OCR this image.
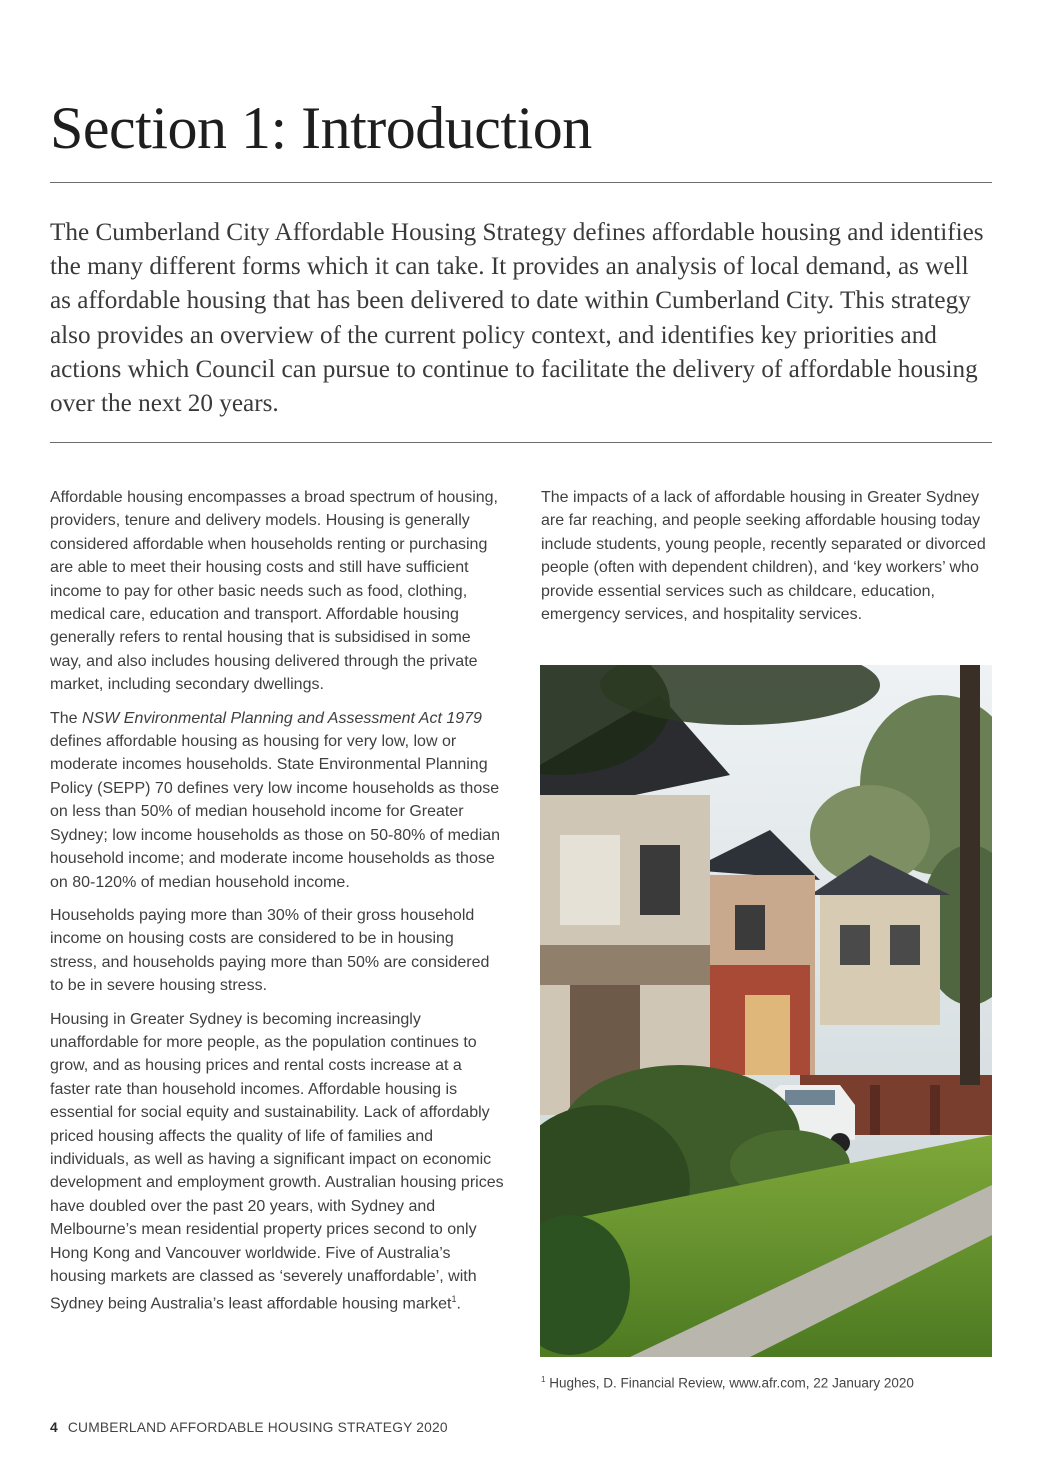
Section 1: Introduction

The Cumberland City Affordable Housing Strategy defines affordable housing and identifies the many different forms which it can take. It provides an analysis of local demand, as well as affordable housing that has been delivered to date within Cumberland City. This strategy also provides an overview of the current policy context, and identifies key priorities and actions which Council can pursue to continue to facilitate the delivery of affordable housing over the next 20 years.

Affordable housing encompasses a broad spectrum of housing, providers, tenure and delivery models. Housing is generally considered affordable when households renting or purchasing are able to meet their housing costs and still have sufficient income to pay for other basic needs such as food, clothing, medical care, education and transport. Affordable housing generally refers to rental housing that is subsidised in some way, and also includes housing delivered through the private market, including secondary dwellings.

The NSW Environmental Planning and Assessment Act 1979 defines affordable housing as housing for very low, low or moderate incomes households. State Environmental Planning Policy (SEPP) 70 defines very low income households as those on less than 50% of median household income for Greater Sydney; low income households as those on 50-80% of median household income; and moderate income households as those on 80-120% of median household income.

Households paying more than 30% of their gross household income on housing costs are considered to be in housing stress, and households paying more than 50% are considered to be in severe housing stress.

Housing in Greater Sydney is becoming increasingly unaffordable for more people, as the population continues to grow, and as housing prices and rental costs increase at a faster rate than household incomes. Affordable housing is essential for social equity and sustainability. Lack of affordably priced housing affects the quality of life of families and individuals, as well as having a significant impact on economic development and employment growth. Australian housing prices have doubled over the past 20 years, with Sydney and Melbourne’s mean residential property prices second to only Hong Kong and Vancouver worldwide. Five of Australia’s housing markets are classed as ‘severely unaffordable’, with Sydney being Australia’s least affordable housing market$^1$.

The impacts of a lack of affordable housing in Greater Sydney are far reaching, and people seeking affordable housing today include students, young people, recently separated or divorced people (often with dependent children), and ‘key workers’ who provide essential services such as childcare, education, emergency services, and hospitality services.

$^1$ Hughes, D. Financial Review, www.afr.com, 22 January 2020
4 CUMBERLAND AFFORDABLE HOUSING STRATEGY 2020
